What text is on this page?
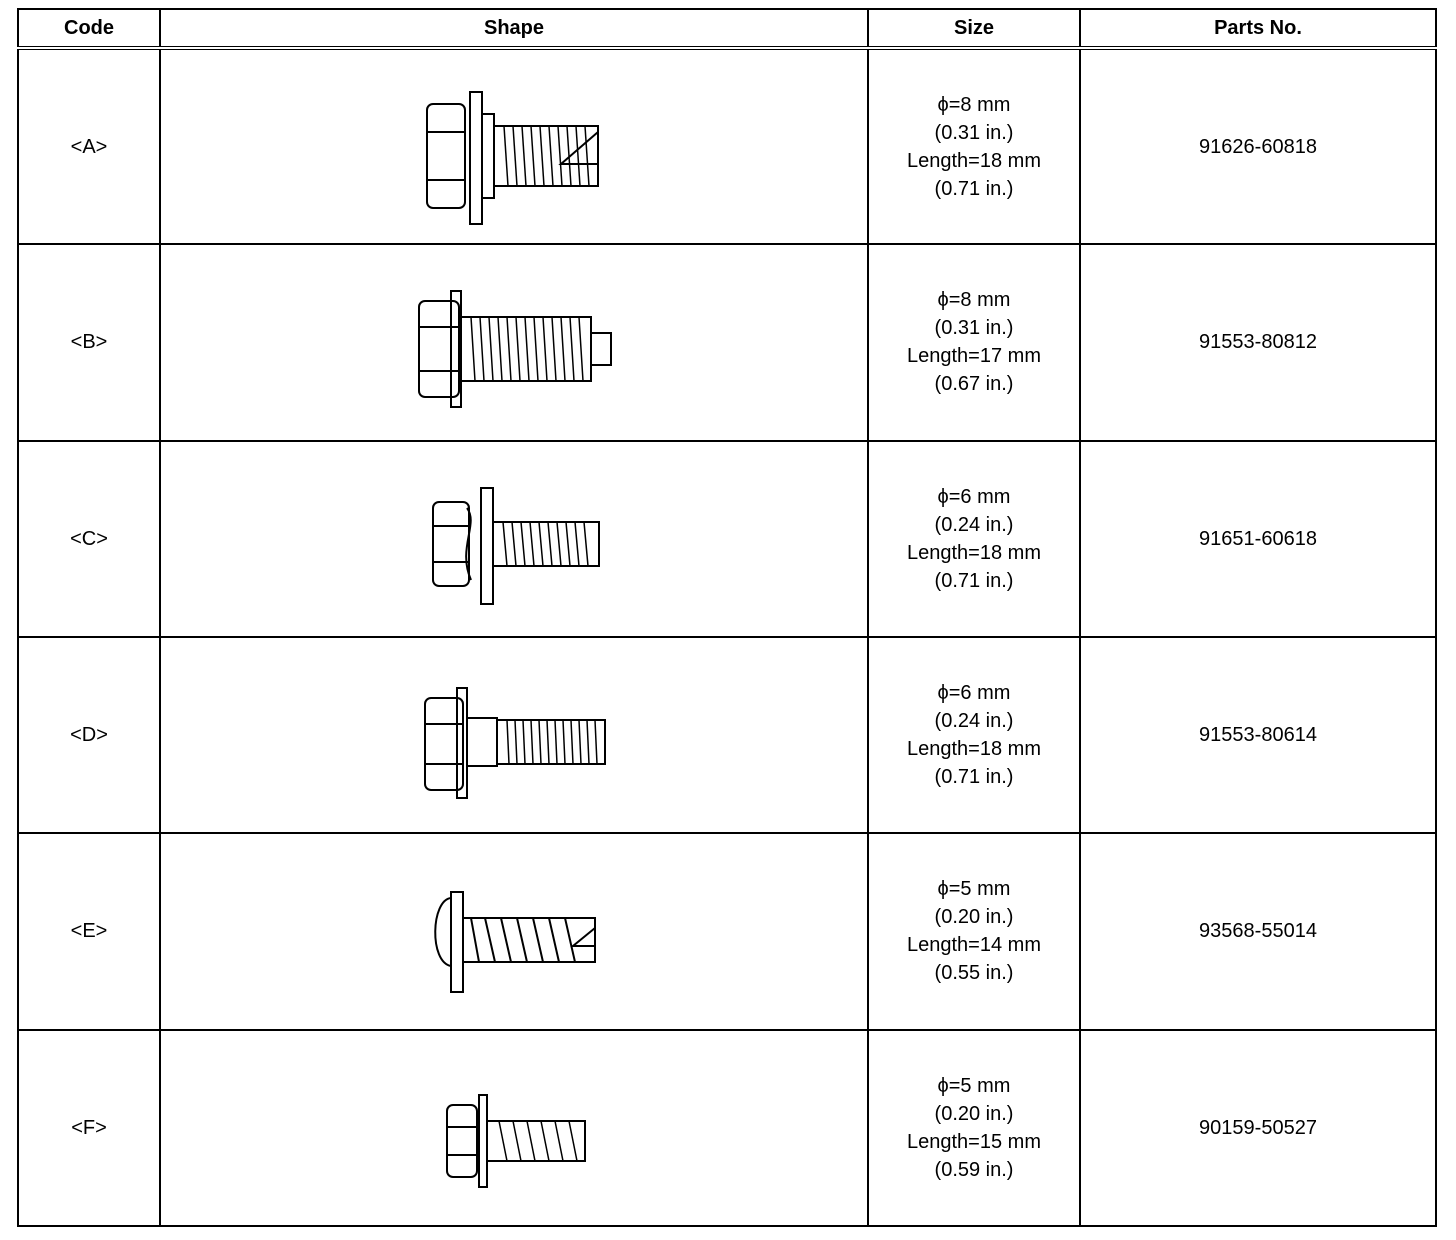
Code	Shape	Size	Parts No.
<A>		ϕ=8 mm
(0.31 in.)
Length=18 mm
(0.71 in.)	91626-60818
<B>		ϕ=8 mm
(0.31 in.)
Length=17 mm
(0.67 in.)	91553-80812
<C>		ϕ=6 mm
(0.24 in.)
Length=18 mm
(0.71 in.)	91651-60618
<D>		ϕ=6 mm
(0.24 in.)
Length=18 mm
(0.71 in.)	91553-80614
<E>		ϕ=5 mm
(0.20 in.)
Length=14 mm
(0.55 in.)	93568-55014
<F>		ϕ=5 mm
(0.20 in.)
Length=15 mm
(0.59 in.)	90159-50527
